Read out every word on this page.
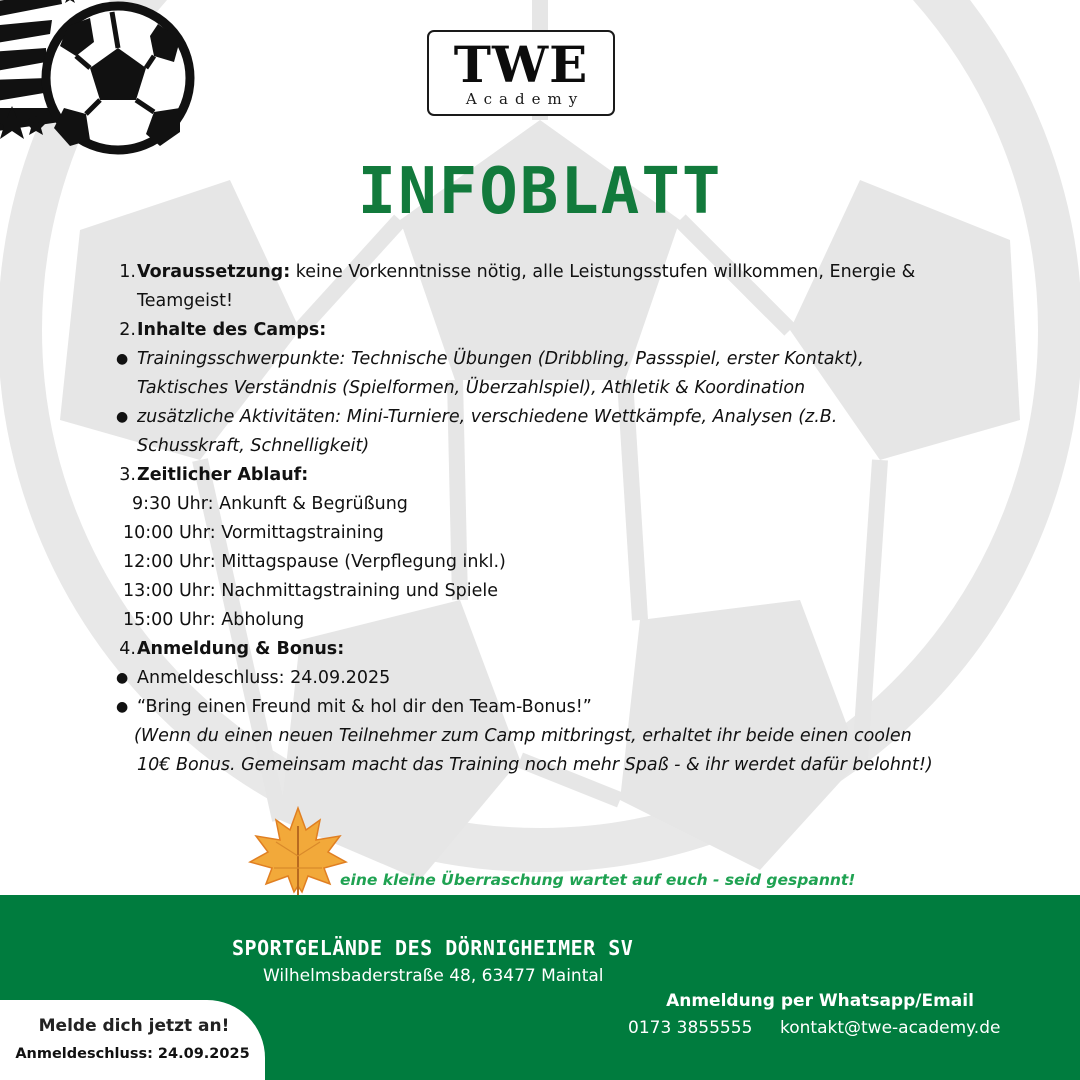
TWE
Academy
INFOBLATT
1. Voraussetzung: keine Vorkenntnisse nötig, alle Leistungsstufen willkommen, Energie &
Teamgeist!
2. Inhalte des Camps:
● Trainingsschwerpunkte: Technische Übungen (Dribbling, Passspiel, erster Kontakt),
Taktisches Verständnis (Spielformen, Überzahlspiel), Athletik & Koordination
● zusätzliche Aktivitäten: Mini-Turniere, verschiedene Wettkämpfe, Analysen (z.B.
Schusskraft, Schnelligkeit)
3. Zeitlicher Ablauf:
9:30 Uhr: Ankunft & Begrüßung
10:00 Uhr: Vormittagstraining
12:00 Uhr: Mittagspause (Verpflegung inkl.)
13:00 Uhr: Nachmittagstraining und Spiele
15:00 Uhr: Abholung
4. Anmeldung & Bonus:
● Anmeldeschluss: 24.09.2025
● “Bring einen Freund mit & hol dir den Team-Bonus!”
(Wenn du einen neuen Teilnehmer zum Camp mitbringst, erhaltet ihr beide einen coolen
10€ Bonus. Gemeinsam macht das Training noch mehr Spaß - & ihr werdet dafür belohnt!)
eine kleine Überraschung wartet auf euch - seid gespannt!
SPORTGELÄNDE DES DÖRNIGHEIMER SV
Wilhelmsbaderstraße 48, 63477 Maintal
Anmeldung per Whatsapp/Email
0173 3855555 kontakt@twe-academy.de
Melde dich jetzt an!
Anmeldeschluss: 24.09.2025
